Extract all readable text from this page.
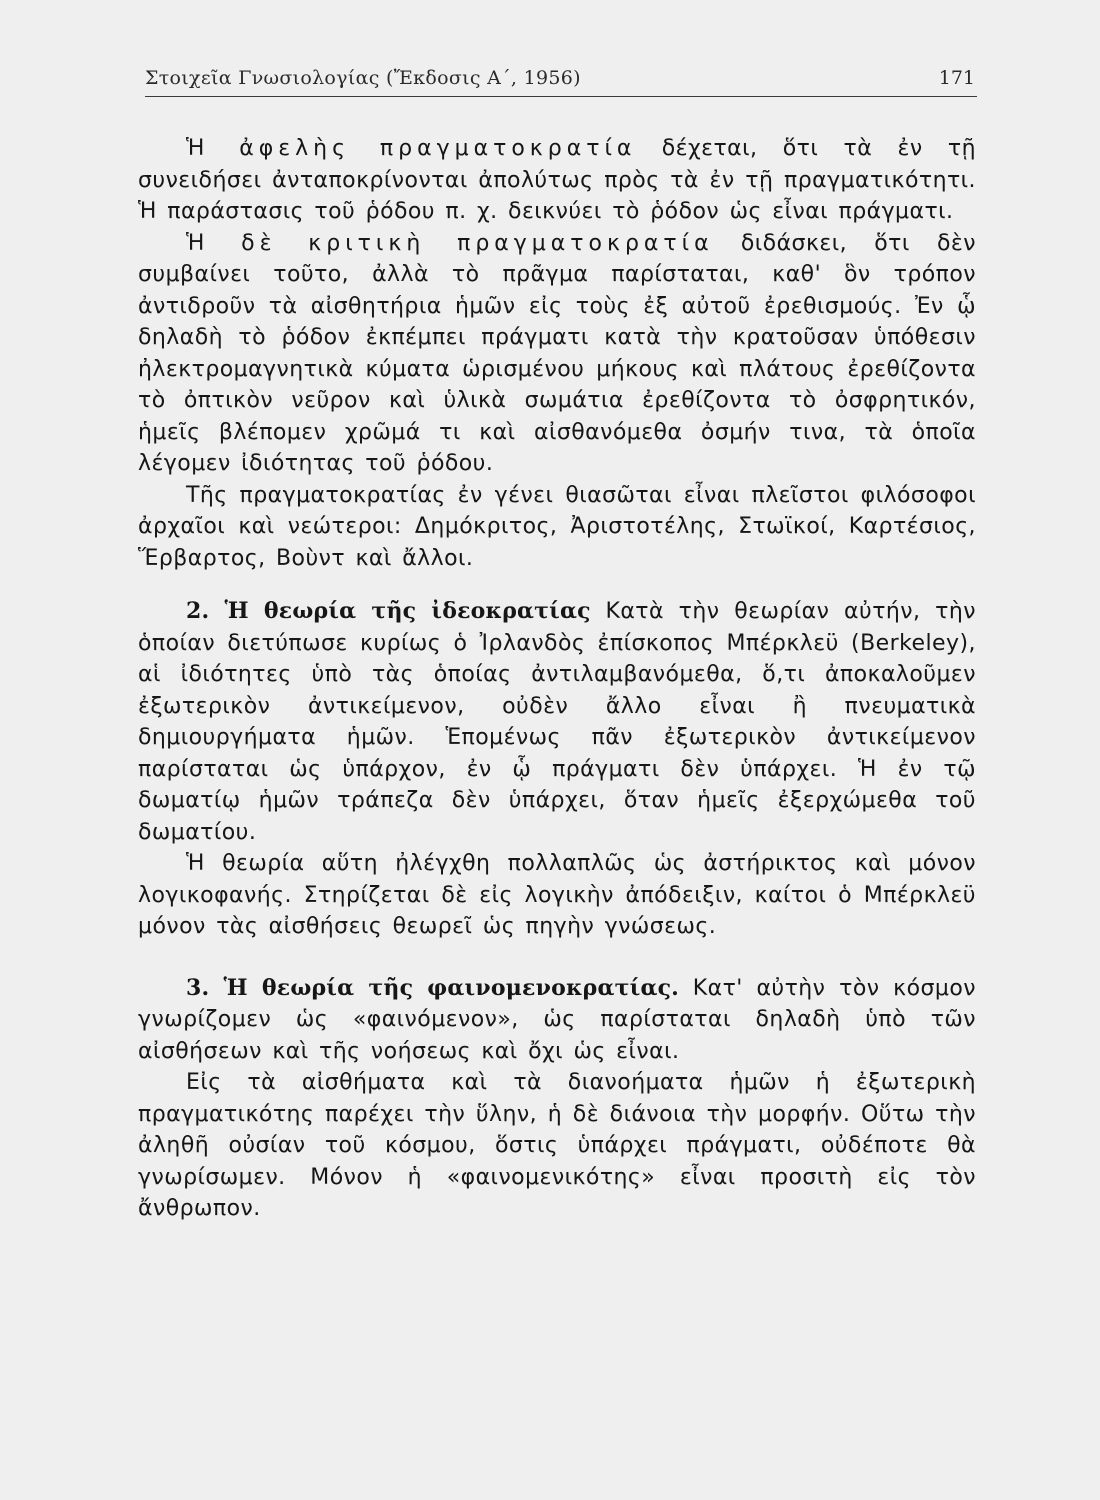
Στοιχεῖα Γνωσιολογίας (Ἔκδοσις Α΄, 1956)	171

Ἡ ἀφελὴς πραγματοκρατία δέχεται, ὅτι τὰ ἐν τῇ συνειδήσει ἀνταποκρίνονται ἀπολύτως πρὸς τὰ ἐν τῇ πραγματικότητι. Ἡ παράστασις τοῦ ῥόδου π. χ. δεικνύει τὸ ῥόδον ὡς εἶναι πράγματι.

Ἡ δὲ κριτικὴ πραγματοκρατία διδάσκει, ὅτι δὲν συμβαίνει τοῦτο, ἀλλὰ τὸ πρᾶγμα παρίσταται, καθ' ὃν τρόπον ἀντιδροῦν τὰ αἰσθητήρια ἡμῶν εἰς τοὺς ἐξ αὐτοῦ ἐρεθισμούς. Ἐν ᾧ δηλαδὴ τὸ ῥόδον ἐκπέμπει πράγματι κατὰ τὴν κρατοῦσαν ὑπόθεσιν ἠλεκτρομαγνητικὰ κύματα ὡρισμένου μήκους καὶ πλάτους ἐρεθίζοντα τὸ ὀπτικὸν νεῦρον καὶ ὑλικὰ σωμάτια ἐρεθίζοντα τὸ ὀσφρητικόν, ἡμεῖς βλέπομεν χρῶμά τι καὶ αἰσθανόμεθα ὀσμήν τινα, τὰ ὁποῖα λέγομεν ἰδιότητας τοῦ ῥόδου.

Τῆς πραγματοκρατίας ἐν γένει θιασῶται εἶναι πλεῖστοι φιλόσοφοι ἀρχαῖοι καὶ νεώτεροι: Δημόκριτος, Ἀριστοτέλης, Στωϊκοί, Καρτέσιος, Ἕρβαρτος, Βοὺντ καὶ ἄλλοι.

2. Ἡ θεωρία τῆς ἰδεοκρατίας Κατὰ τὴν θεωρίαν αὐτήν, τὴν ὁποίαν διετύπωσε κυρίως ὁ Ἰρλανδὸς ἐπίσκοπος Μπέρκλεϋ (Berkeley), αἱ ἰδιότητες ὑπὸ τὰς ὁποίας ἀντιλαμβανόμεθα, ὅ,τι ἀποκαλοῦμεν ἐξωτερικὸν ἀντικείμενον, οὐδὲν ἄλλο εἶναι ἢ πνευματικὰ δημιουργήματα ἡμῶν. Ἑπομένως πᾶν ἐξωτερικὸν ἀντικείμενον παρίσταται ὡς ὑπάρχον, ἐν ᾧ πράγματι δὲν ὑπάρχει. Ἡ ἐν τῷ δωματίῳ ἡμῶν τράπεζα δὲν ὑπάρχει, ὅταν ἡμεῖς ἐξερχώμεθα τοῦ δωματίου.

Ἡ θεωρία αὕτη ἠλέγχθη πολλαπλῶς ὡς ἀστήρικτος καὶ μόνον λογικοφανής. Στηρίζεται δὲ εἰς λογικὴν ἀπόδειξιν, καίτοι ὁ Μπέρκλεϋ μόνον τὰς αἰσθήσεις θεωρεῖ ὡς πηγὴν γνώσεως.

3. Ἡ θεωρία τῆς φαινομενοκρατίας. Κατ' αὐτὴν τὸν κόσμον γνωρίζομεν ὡς «φαινόμενον», ὡς παρίσταται δηλαδὴ ὑπὸ τῶν αἰσθήσεων καὶ τῆς νοήσεως καὶ ὄχι ὡς εἶναι.

Εἰς τὰ αἰσθήματα καὶ τὰ διανοήματα ἡμῶν ἡ ἐξωτερικὴ πραγματικότης παρέχει τὴν ὕλην, ἡ δὲ διάνοια τὴν μορφήν. Οὕτω τὴν ἀληθῆ οὐσίαν τοῦ κόσμου, ὅστις ὑπάρχει πράγματι, οὐδέποτε θὰ γνωρίσωμεν. Μόνον ἡ «φαινομενικότης» εἶναι προσιτὴ εἰς τὸν ἄνθρωπον.
